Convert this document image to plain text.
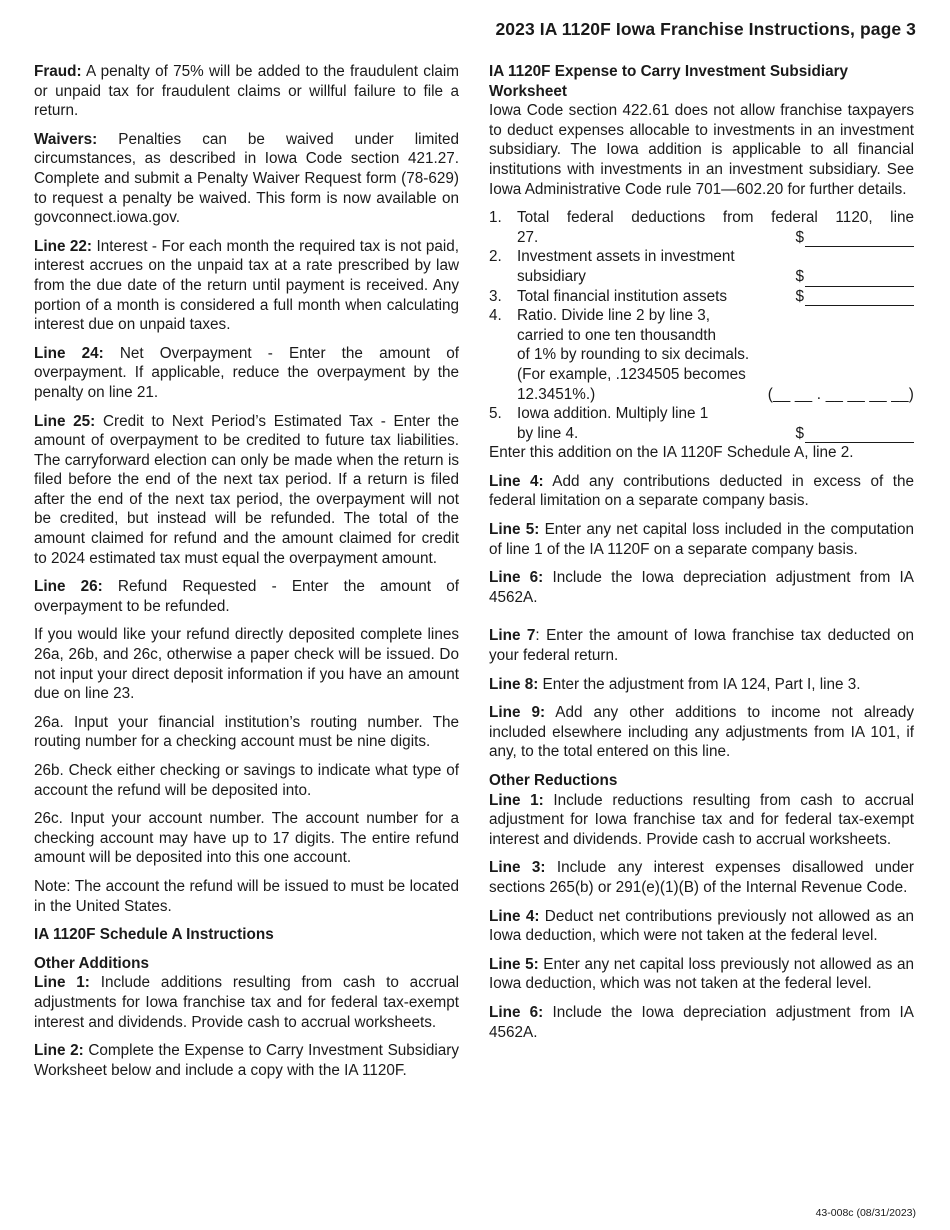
2023 IA 1120F Iowa Franchise Instructions, page 3

Fraud: A penalty of 75% will be added to the fraudulent claim or unpaid tax for fraudulent claims or willful failure to file a return.

Waivers: Penalties can be waived under limited circumstances, as described in Iowa Code section 421.27. Complete and submit a Penalty Waiver Request form (78-629) to request a penalty be waived. This form is now available on govconnect.iowa.gov.

Line 22: Interest - For each month the required tax is not paid, interest accrues on the unpaid tax at a rate prescribed by law from the due date of the return until payment is received. Any portion of a month is considered a full month when calculating interest due on unpaid taxes.

Line 24: Net Overpayment - Enter the amount of overpayment. If applicable, reduce the overpayment by the penalty on line 21.

Line 25: Credit to Next Period’s Estimated Tax - Enter the amount of overpayment to be credited to future tax liabilities. The carryforward election can only be made when the return is filed before the end of the next tax period. If a return is filed after the end of the next tax period, the overpayment will not be credited, but instead will be refunded. The total of the amount claimed for refund and the amount claimed for credit to 2024 estimated tax must equal the overpayment amount.

Line 26: Refund Requested - Enter the amount of overpayment to be refunded.

If you would like your refund directly deposited complete lines 26a, 26b, and 26c, otherwise a paper check will be issued. Do not input your direct deposit information if you have an amount due on line 23.

26a. Input your financial institution’s routing number. The routing number for a checking account must be nine digits.

26b. Check either checking or savings to indicate what type of account the refund will be deposited into.

26c. Input your account number. The account number for a checking account may have up to 17 digits. The entire refund amount will be deposited into this one account.

Note: The account the refund will be issued to must be located in the United States.

IA 1120F Schedule A Instructions

Other Additions

Line 1: Include additions resulting from cash to accrual adjustments for Iowa franchise tax and for federal tax-exempt interest and dividends. Provide cash to accrual worksheets.

Line 2: Complete the Expense to Carry Investment Subsidiary Worksheet below and include a copy with the IA 1120F.

IA 1120F Expense to Carry Investment Subsidiary Worksheet

Iowa Code section 422.61 does not allow franchise taxpayers to deduct expenses allocable to investments in an investment subsidiary. The Iowa addition is applicable to all financial institutions with investments in an investment subsidiary. See Iowa Administrative Code rule 701—602.20 for further details.

1. Total federal deductions from federal 1120, line
27.	$
2. Investment assets in investment
subsidiary	$
3. Total financial institution assets	$
4. Ratio. Divide line 2 by line 3,
carried to one ten thousandth
of 1% by rounding to six decimals.
(For example, .1234505 becomes
12.3451%.)	(__ __ . __ __ __ __)
5. Iowa addition. Multiply line 1
by line 4.	$

Enter this addition on the IA 1120F Schedule A, line 2.

Line 4: Add any contributions deducted in excess of the federal limitation on a separate company basis.

Line 5: Enter any net capital loss included in the computation of line 1 of the IA 1120F on a separate company basis.

Line 6: Include the Iowa depreciation adjustment from IA 4562A.

Line 7: Enter the amount of Iowa franchise tax deducted on your federal return.

Line 8: Enter the adjustment from IA 124, Part I, line 3.

Line 9: Add any other additions to income not already included elsewhere including any adjustments from IA 101, if any, to the total entered on this line.

Other Reductions

Line 1: Include reductions resulting from cash to accrual adjustment for Iowa franchise tax and for federal tax-exempt interest and dividends. Provide cash to accrual worksheets.

Line 3: Include any interest expenses disallowed under sections 265(b) or 291(e)(1)(B) of the Internal Revenue Code.

Line 4: Deduct net contributions previously not allowed as an Iowa deduction, which were not taken at the federal level.

Line 5: Enter any net capital loss previously not allowed as an Iowa deduction, which was not taken at the federal level.

Line 6: Include the Iowa depreciation adjustment from IA 4562A.

43-008c (08/31/2023)
